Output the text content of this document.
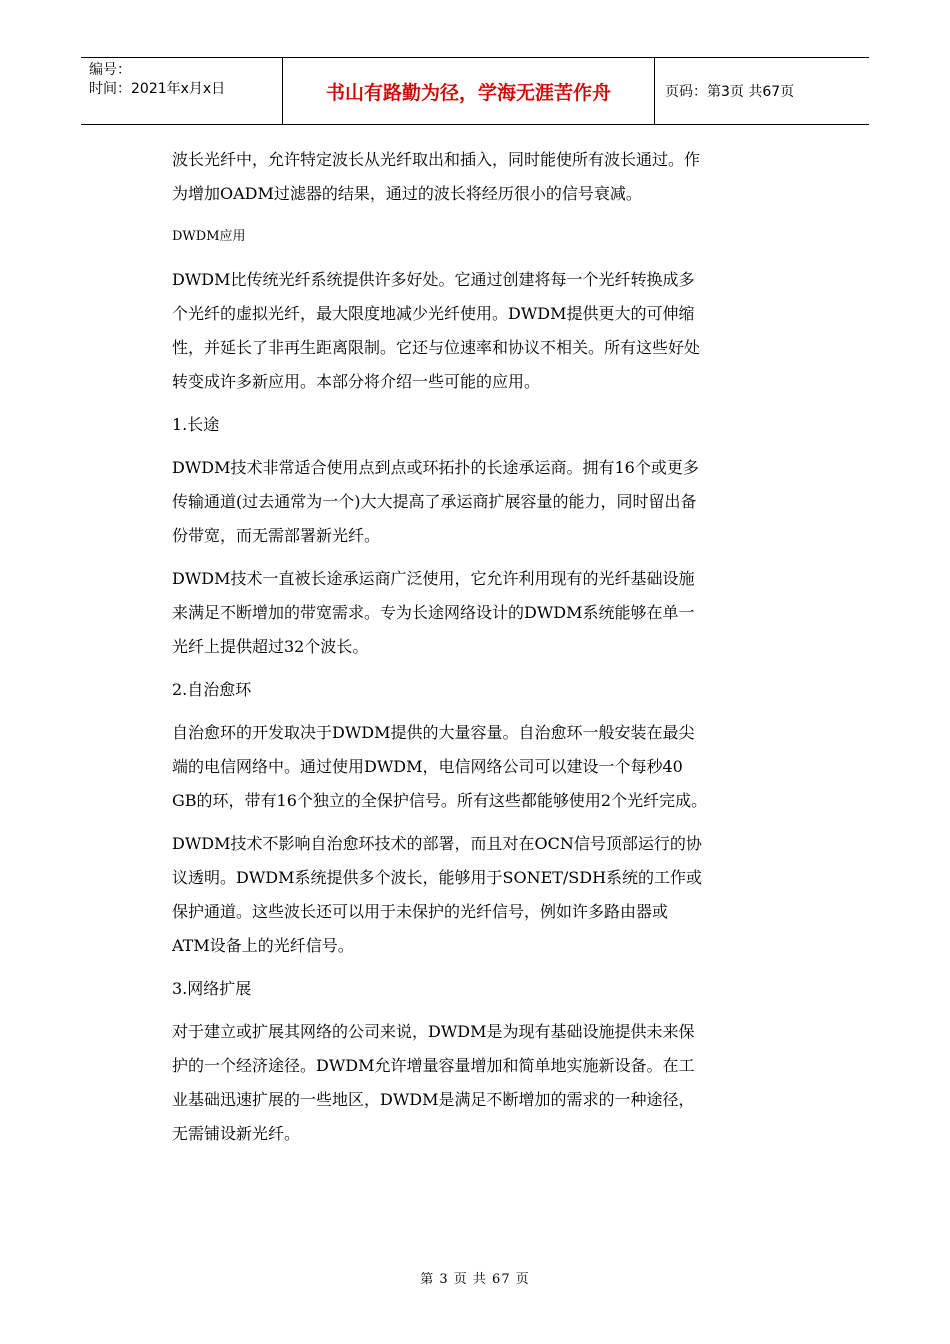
编号：
时间：2021年x月x日	书山有路勤为径，学海无涯苦作舟	页码：第3页 共67页

波长光纤中，允许特定波长从光纤取出和插入，同时能使所有波长通过。作
为增加OADM过滤器的结果，通过的波长将经历很小的信号衰减。

DWDM应用

DWDM比传统光纤系统提供许多好处。它通过创建将每一个光纤转换成多
个光纤的虚拟光纤，最大限度地减少光纤使用。DWDM提供更大的可伸缩
性，并延长了非再生距离限制。它还与位速率和协议不相关。所有这些好处
转变成许多新应用。本部分将介绍一些可能的应用。

1.长途

DWDM技术非常适合使用点到点或环拓扑的长途承运商。拥有16个或更多
传输通道(过去通常为一个)大大提高了承运商扩展容量的能力，同时留出备
份带宽，而无需部署新光纤。

DWDM技术一直被长途承运商广泛使用，它允许利用现有的光纤基础设施
来满足不断增加的带宽需求。专为长途网络设计的DWDM系统能够在单一
光纤上提供超过32个波长。

2.自治愈环

自治愈环的开发取决于DWDM提供的大量容量。自治愈环一般安装在最尖
端的电信网络中。通过使用DWDM，电信网络公司可以建设一个每秒40
GB的环，带有16个独立的全保护信号。所有这些都能够使用2个光纤完成。

DWDM技术不影响自治愈环技术的部署，而且对在OCN信号顶部运行的协
议透明。DWDM系统提供多个波长，能够用于SONET/SDH系统的工作或
保护通道。这些波长还可以用于未保护的光纤信号，例如许多路由器或
ATM设备上的光纤信号。

3.网络扩展

对于建立或扩展其网络的公司来说，DWDM是为现有基础设施提供未来保
护的一个经济途径。DWDM允许增量容量增加和简单地实施新设备。在工
业基础迅速扩展的一些地区，DWDM是满足不断增加的需求的一种途径，
无需铺设新光纤。

第 3 页 共 67 页
